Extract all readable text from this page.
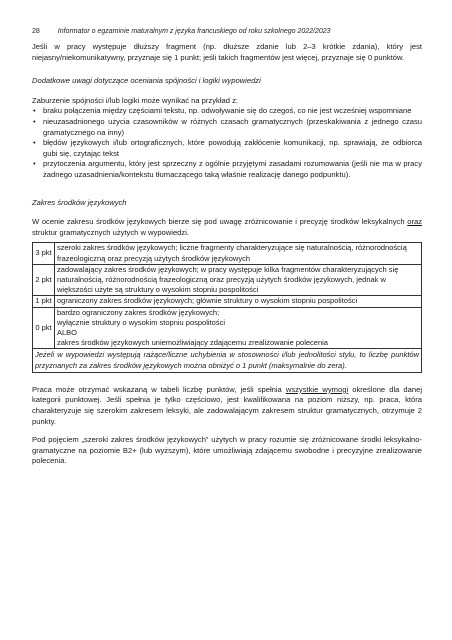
28	Informator o egzaminie maturalnym z języka francuskiego od roku szkolnego 2022/2023

Jeśli w pracy występuje dłuższy fragment (np. dłuższe zdanie lub 2–3 krótkie zdania), który jest niejasny/niekomunikatywny, przyznaje się 1 punkt; jeśli takich fragmentów jest więcej, przyznaje się 0 punktów.

Dodatkowe uwagi dotyczące oceniania spójności i logiki wypowiedzi

Zaburzenie spójności i/lub logiki może wynikać na przykład z:

• braku połączenia między częściami tekstu, np. odwoływanie się do czegoś, co nie jest wcześniej wspomniane
• nieuzasadnionego użycia czasowników w różnych czasach gramatycznych (przeskakiwania z jednego czasu gramatycznego na inny)
• błędów językowych i/lub ortograficznych, które powodują zakłócenie komunikacji, np. sprawiają, że odbiorca gubi się, czytając tekst
• przytoczenia argumentu, który jest sprzeczny z ogólnie przyjętymi zasadami rozumowania (jeśli nie ma w pracy żadnego uzasadnienia/kontekstu tłumaczącego taką właśnie realizację danego podpunktu).

Zakres środków językowych

W ocenie zakresu środków językowych bierze się pod uwagę zróżnicowanie i precyzję środków leksykalnych oraz struktur gramatycznych użytych w wypowiedzi.

3 pkt	szeroki zakres środków językowych; liczne fragmenty charakteryzujące się naturalnością, różnorodnością frazeologiczną oraz precyzją użytych środków językowych
2 pkt	zadowalający zakres środków językowych; w pracy występuje kilka fragmentów charakteryzujących się naturalnością, różnorodnością frazeologiczną oraz precyzją użytych środków językowych, jednak w większości użyte są struktury o wysokim stopniu pospolitości
1 pkt	ograniczony zakres środków językowych; głównie struktury o wysokim stopniu pospolitości
0 pkt	bardzo ograniczony zakres środków językowych;
wyłącznie struktury o wysokim stopniu pospolitości
ALBO
zakres środków językowych uniemożliwiający zdającemu zrealizowanie polecenia

Jeżeli w wypowiedzi występują rażące/liczne uchybienia w stosowności i/lub jednolitości stylu, to liczbę punktów przyznanych za zakres środków językowych można obniżyć o 1 punkt (maksymalnie do zera).	

Praca może otrzymać wskazaną w tabeli liczbę punktów, jeśli spełnia wszystkie wymogi określone dla danej kategorii punktowej. Jeśli spełnia je tylko częściowo, jest kwalifikowana na poziom niższy, np. praca, która charakteryzuje się szerokim zakresem leksyki, ale zadowalającym zakresem struktur gramatycznych, otrzymuje 2 punkty.

Pod pojęciem „szeroki zakres środków językowych” użytych w pracy rozumie się zróżnicowane środki leksykalno-gramatyczne na poziomie B2+ (lub wyższym), które umożliwiają zdającemu swobodne i precyzyjne zrealizowanie polecenia.
